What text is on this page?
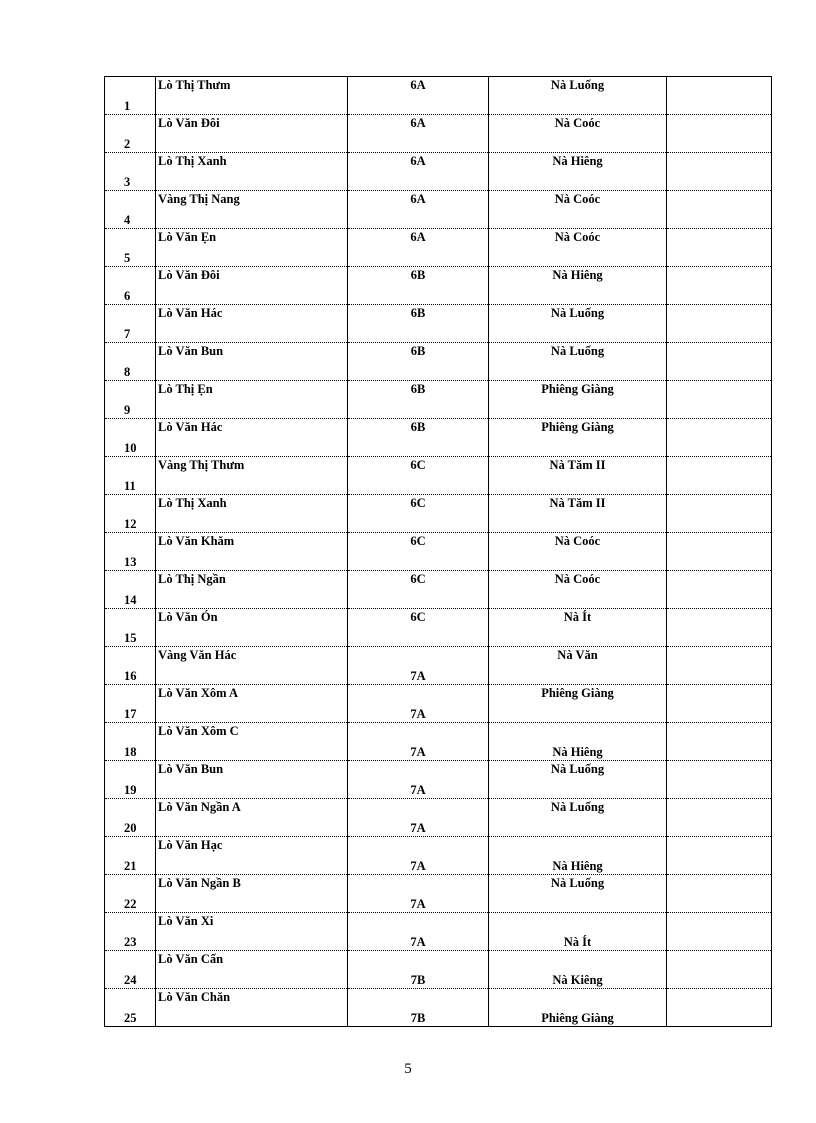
1	Lò Thị Thưm	6A	Nà Luống	

2	Lò Văn Đôi	6A	Nà Coóc	

3	Lò Thị Xanh	6A	Nà Hiêng	

4	Vàng Thị Nang	6A	Nà Coóc	

5	Lò Văn Ẹn	6A	Nà Coóc	

6	Lò Văn Đôi	6B	Nà Hiêng	

7	Lò Văn Hác	6B	Nà Luống	

8	Lò Văn Bun	6B	Nà Luống	

9	Lò Thị Ẹn	6B	Phiêng Giàng	

10	Lò Văn Hác	6B	Phiêng Giàng	

11	Vàng Thị Thưm	6C	Nà Tăm II	

12	Lò Thị Xanh	6C	Nà Tăm II	

13	Lò Văn Khăm	6C	Nà Coóc	

14	Lò Thị Ngần	6C	Nà Coóc	

15	Lò Văn Ón	6C	Nà Ít	

16	Vàng Văn Hác	7A	Nà Văn	

17	Lò Văn Xôm A	7A	Phiêng Giàng	

18	Lò Văn Xôm C	7A	Nà Hiêng	

19	Lò Văn Bun	7A	Nà Luống	

20	Lò Văn Ngần A	7A	Nà Luống	

21	Lò Văn Hạc	7A	Nà Hiêng	

22	Lò Văn Ngần B	7A	Nà Luống	

23	Lò Văn Xi	7A	Nà Ít	

24	Lò Văn Cấn	7B	Nà Kiêng	

25	Lò Văn Chăn	7B	Phiêng Giàng	

5
